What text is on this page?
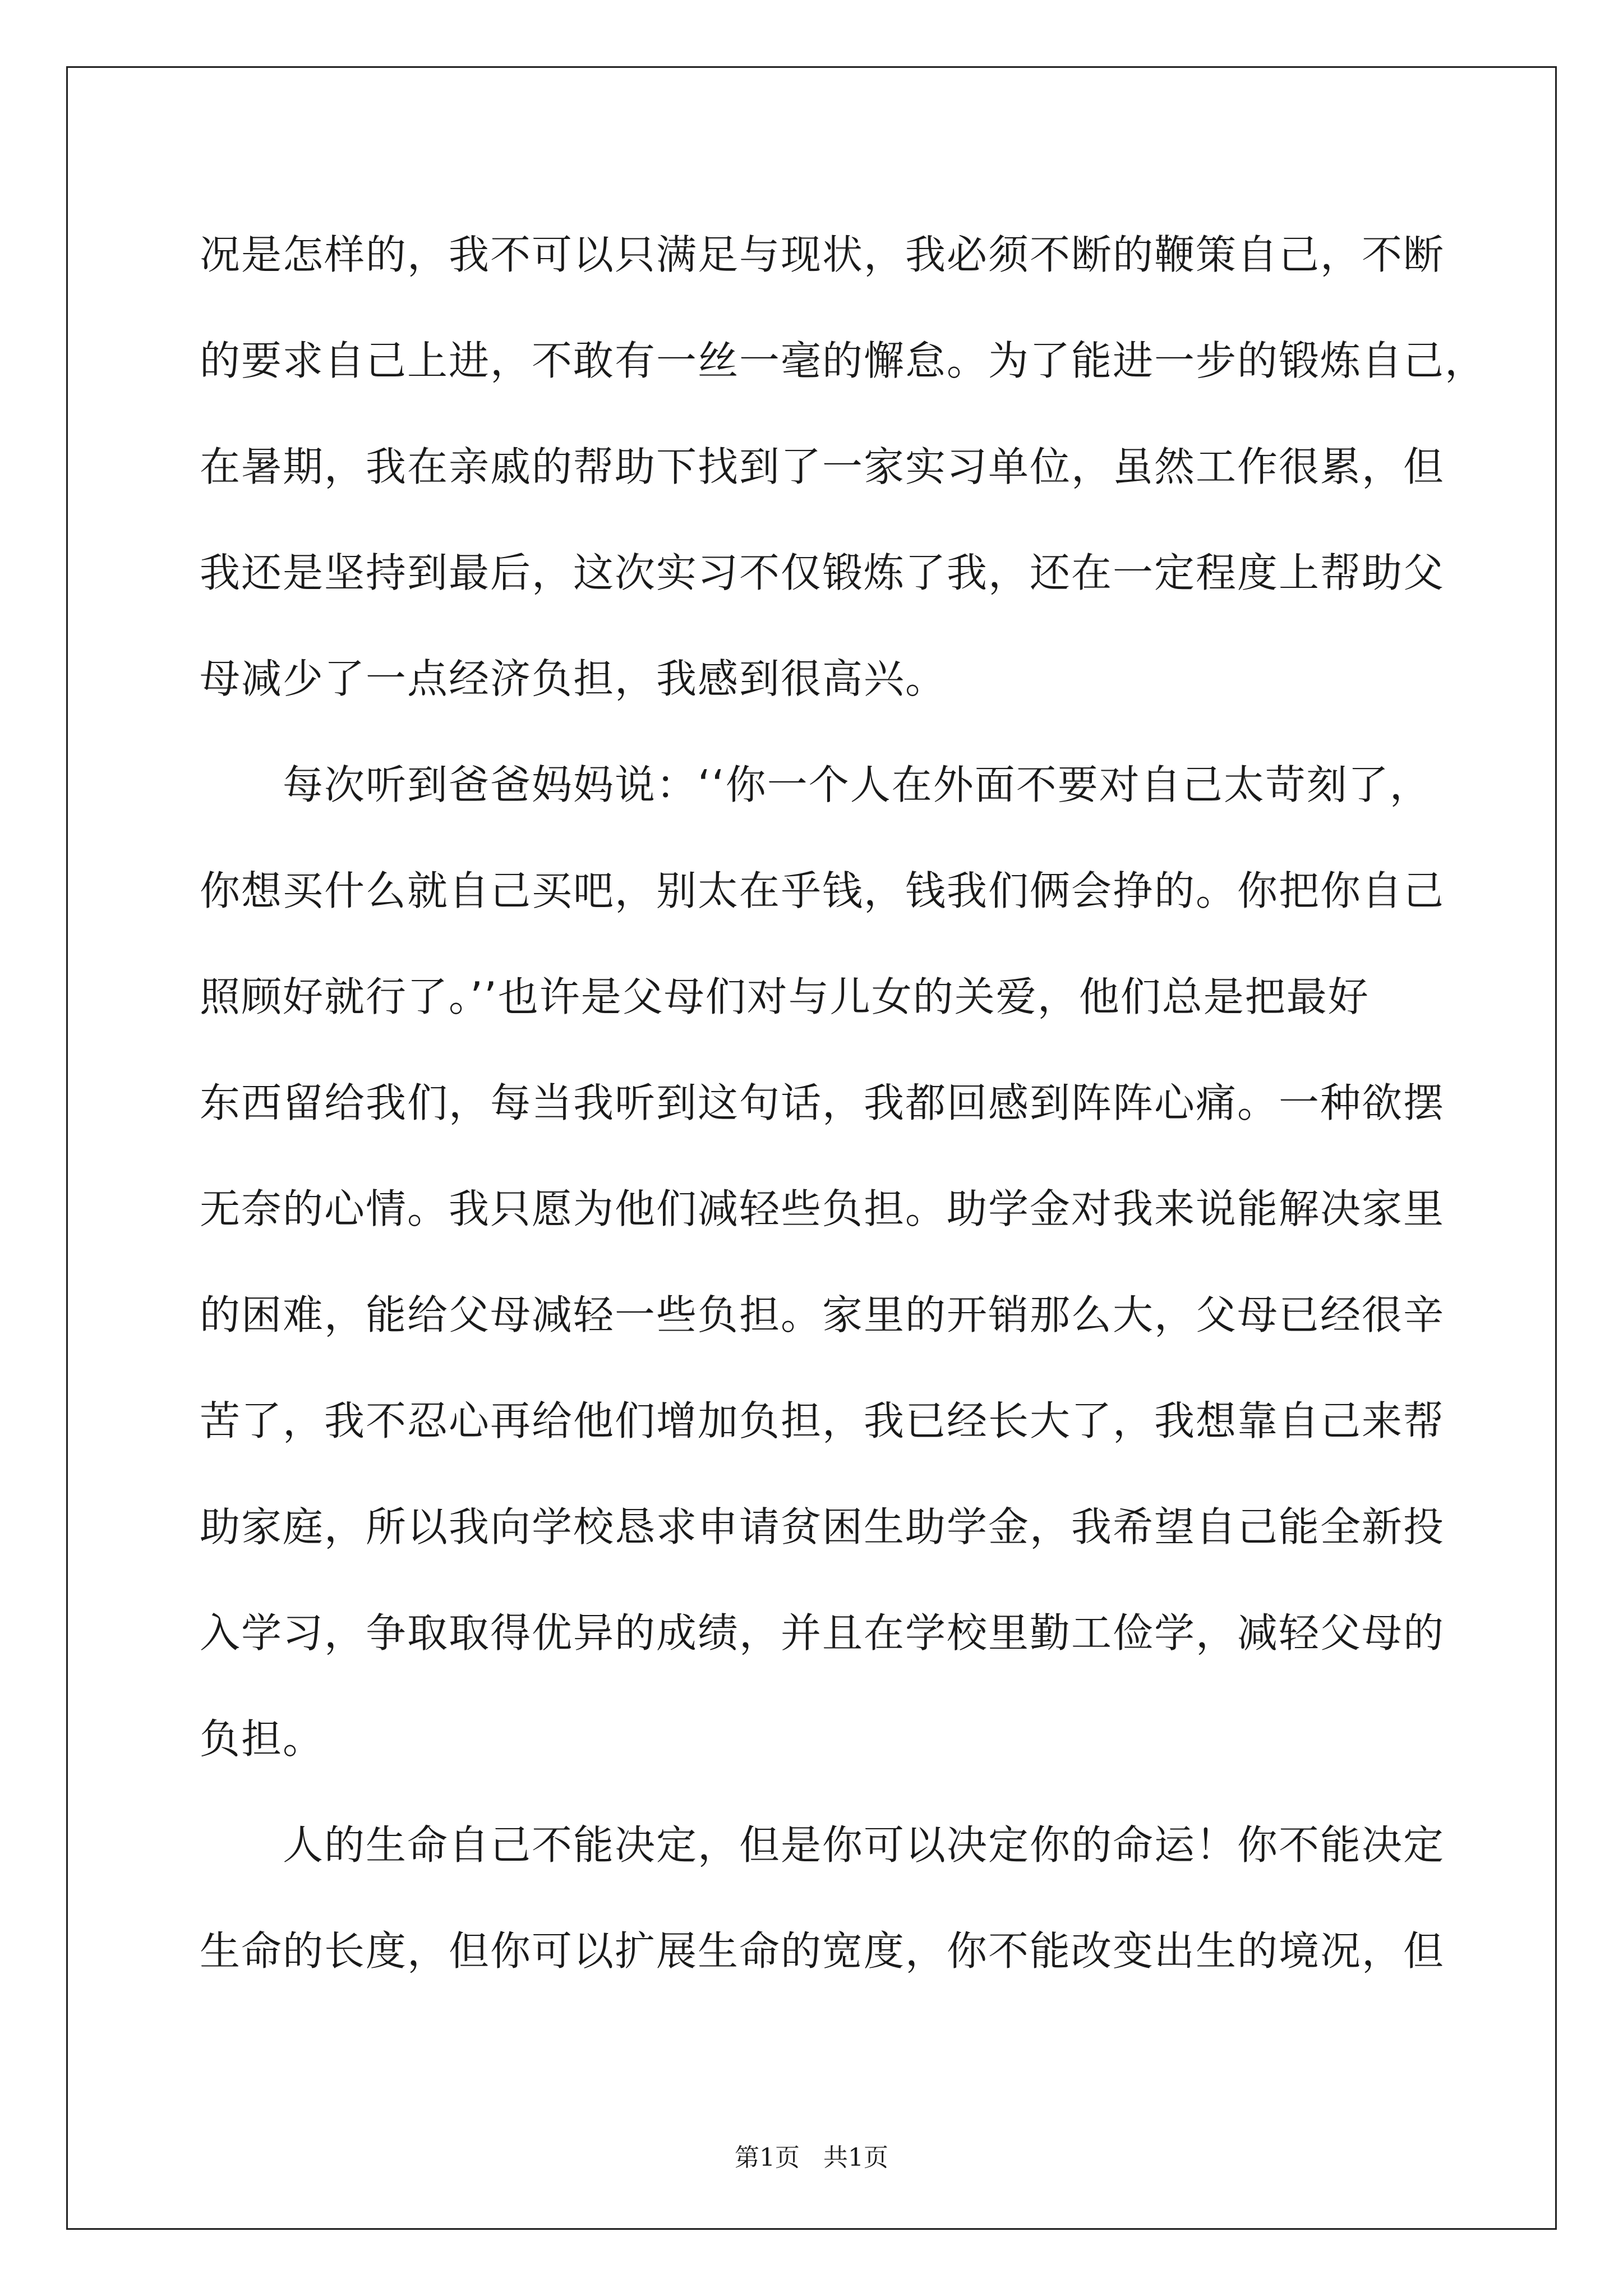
况是怎样的，我不可以只满足与现状，我必须不断的鞭策自己，不断
的要求自己上进，不敢有一丝一毫的懈怠。为了能进一步的锻炼自己，
在暑期，我在亲戚的帮助下找到了一家实习单位，虽然工作很累，但
我还是坚持到最后，这次实习不仅锻炼了我，还在一定程度上帮助父
母减少了一点经济负担，我感到很高兴。
　　每次听到爸爸妈妈说：‘‘你一个人在外面不要对自己太苛刻了，
你想买什么就自己买吧，别太在乎钱，钱我们俩会挣的。你把你自己
照顾好就行了。’’也许是父母们对与儿女的关爱，他们总是把最好
东西留给我们，每当我听到这句话，我都回感到阵阵心痛。一种欲摆
无奈的心情。我只愿为他们减轻些负担。助学金对我来说能解决家里
的困难，能给父母减轻一些负担。家里的开销那么大，父母已经很辛
苦了，我不忍心再给他们增加负担，我已经长大了，我想靠自己来帮
助家庭，所以我向学校恳求申请贫困生助学金，我希望自己能全新投
入学习，争取取得优异的成绩，并且在学校里勤工俭学，减轻父母的
负担。
　　人的生命自己不能决定，但是你可以决定你的命运！你不能决定
生命的长度，但你可以扩展生命的宽度，你不能改变出生的境况，但
第1页 共1页
